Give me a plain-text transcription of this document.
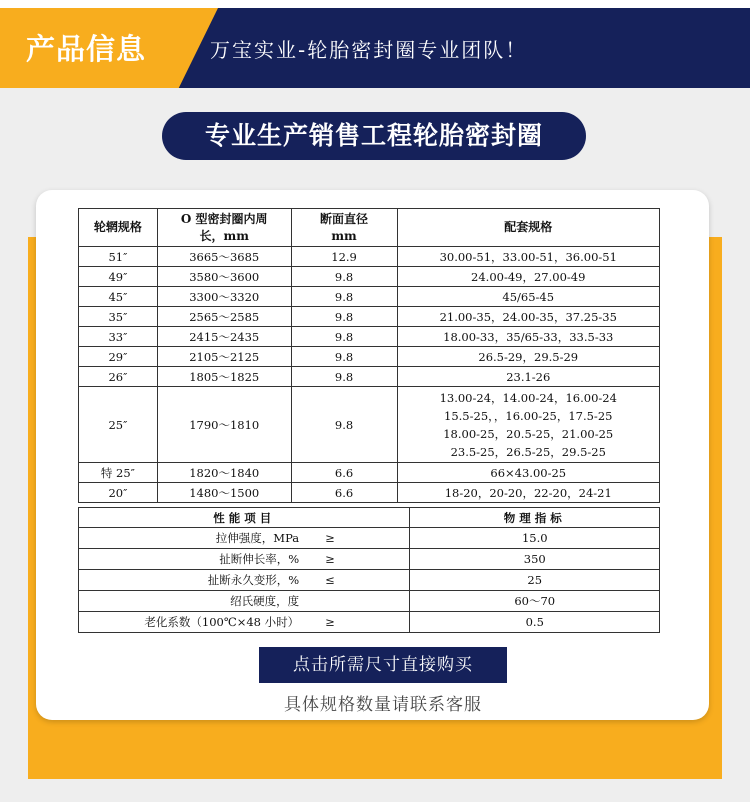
产品信息	万宝实业-轮胎密封圈专业团队！
专业生产销售工程轮胎密封圈
轮辋规格	O 型密封圈内周长，mm	断面直径mm	配套规格
51″	3665～3685	12.9	30.00-51，33.00-51，36.00-51

49″	3580～3600	9.8	24.00-49，27.00-49

45″	3300～3320	9.8	45/65-45

35″	2565～2585	9.8	21.00-35，24.00-35，37.25-35

33″	2415～2435	9.8	18.00-33，35/65-33，33.5-33

29″	2105～2125	9.8	26.5-29，29.5-29

26″	1805～1825	9.8	23.1-26

25″	1790～1810	9.8	13.00-24，14.00-24，16.00-24
15.5-25，，16.00-25，17.5-25
18.00-25，20.5-25，21.00-25
23.5-25，26.5-25，29.5-25

特 25″	1820～1840	6.6	66×43.00-25

20″	1480～1500	6.6	18-20，20-20，22-20，24-21
性能项目		物理指标
拉伸强度，MPa	≥	15.0
扯断伸长率，%	≥	350
扯断永久变形，%	≤	25
绍氏硬度，度		60～70
老化系数（100℃×48 小时）	≥	0.5
点击所需尺寸直接购买
具体规格数量请联系客服
